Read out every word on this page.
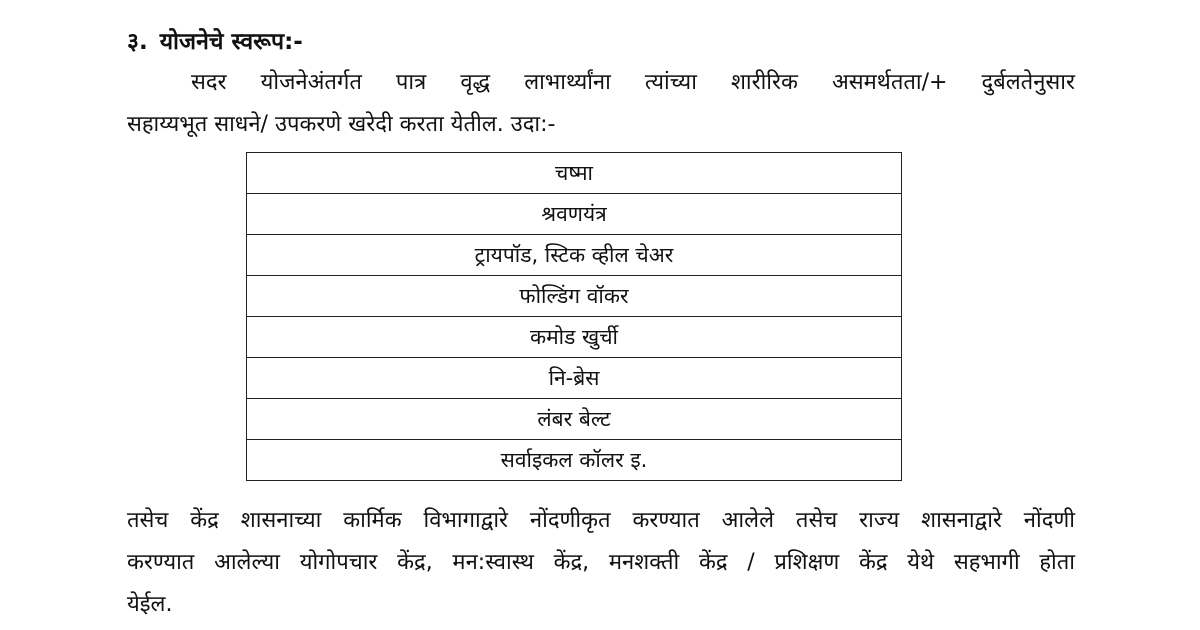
३. योजनेचे स्वरूप:-
सदर योजनेअंतर्गत पात्र वृद्ध लाभार्थ्यांना त्यांच्या शारीरिक असमर्थतता/+ दुर्बलतेनुसार
सहाय्यभूत साधने/ उपकरणे खरेदी करता येतील. उदा:-
चष्मा
श्रवणयंत्र
ट्रायपॉड, स्टिक व्हील चेअर
फोल्डिंग वॉकर
कमोड खुर्ची
नि-ब्रेस
लंबर बेल्ट
सर्वाइकल कॉलर इ.
तसेच केंद्र शासनाच्या कार्मिक विभागाद्वारे नोंदणीकृत करण्यात आलेले तसेच राज्य शासनाद्वारे नोंदणी
करण्यात आलेल्या योगोपचार केंद्र, मन:स्वास्थ केंद्र, मनशक्ती केंद्र / प्रशिक्षण केंद्र येथे सहभागी होता
येईल.
